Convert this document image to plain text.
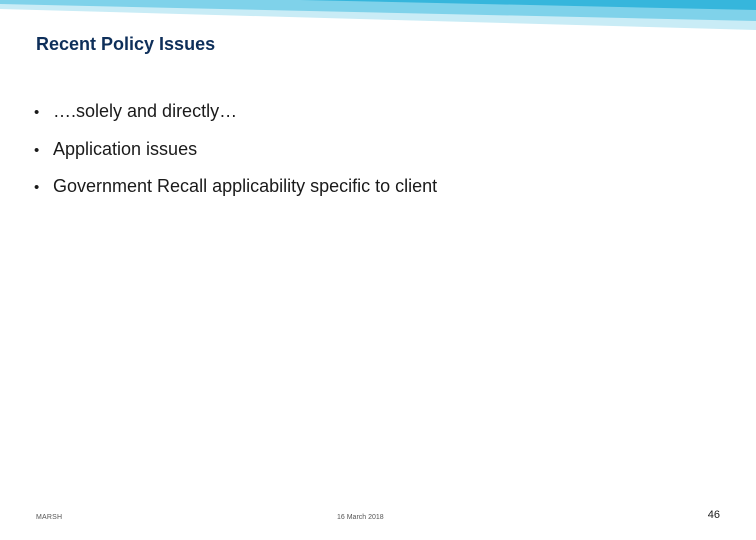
Recent Policy Issues
• ….solely and directly…
• Application issues
• Government Recall applicability specific to client
MARSH	16 March 2018	46
